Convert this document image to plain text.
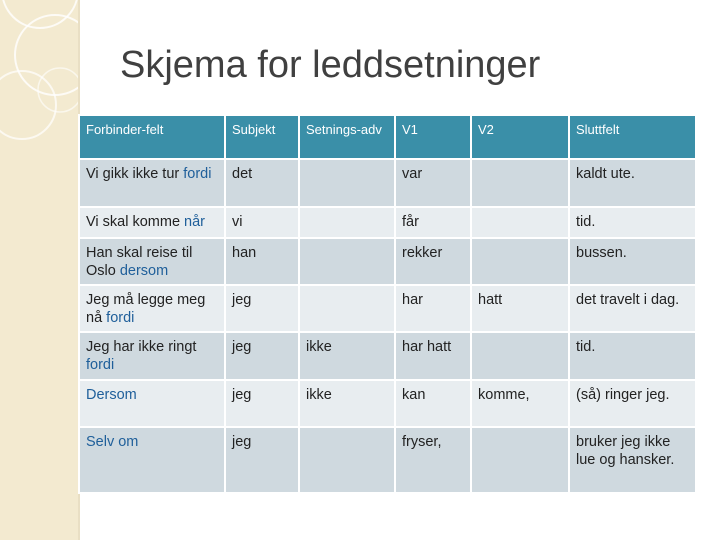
Skjema for leddsetninger
Forbinder-felt	Subjekt	Setnings-adv	V1	V2	Sluttfelt
Vi gikk ikke tur fordi	det		var		kaldt ute.
Vi skal komme når	vi		får		tid.
Han skal reise til Oslo dersom	han		rekker		bussen.
Jeg må legge meg nå fordi	jeg		har	hatt	det travelt i dag.
Jeg har ikke ringt fordi	jeg	ikke	har hatt		tid.
Dersom	jeg	ikke	kan	komme,	(så) ringer jeg.
Selv om	jeg		fryser,		bruker jeg ikke lue og hansker.
